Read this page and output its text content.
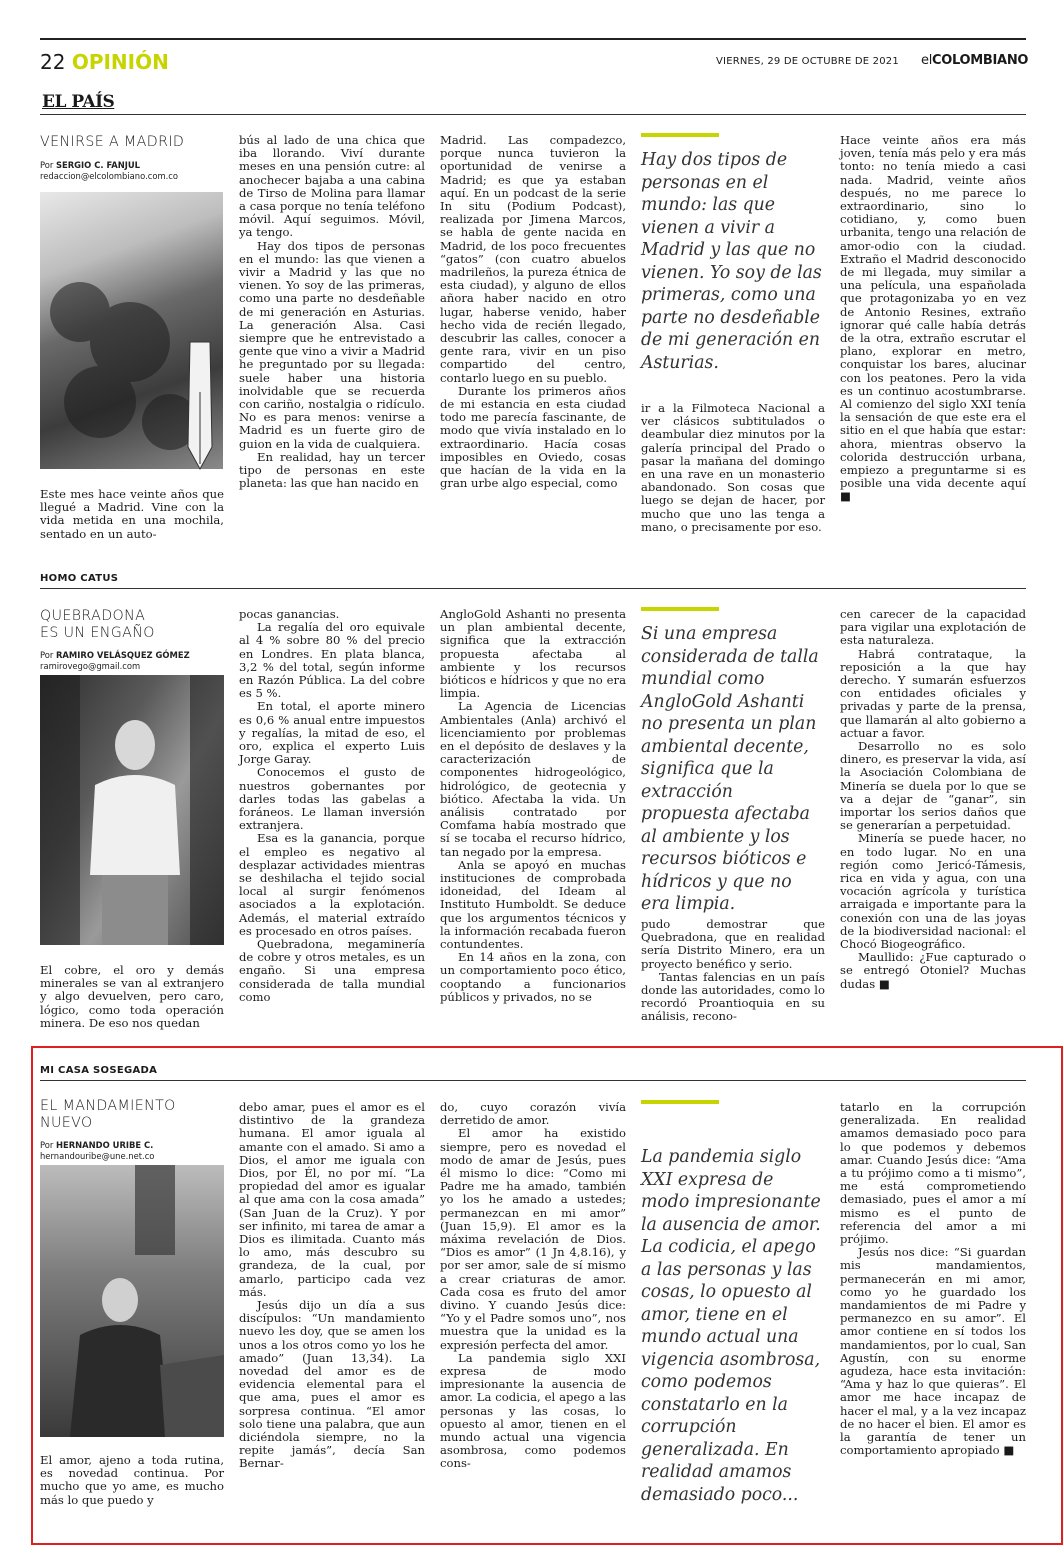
22 OPINIÓN	VIERNES, 29 DE OCTUBRE DE 2021 elCOLOMBIANO
EL PAÍS
VENIRSE A MADRID
Por SERGIO C. FANJUL
redaccion@elcolombiano.com.co

Este mes hace veinte años que llegué a Madrid. Vine con la vida metida en una mochila, sentado en un auto-

bús al lado de una chica que iba llorando. Viví durante meses en una pensión cutre: al anochecer bajaba a una cabina de Tirso de Molina para llamar a casa porque no tenía teléfono móvil. Aquí seguimos. Móvil, ya tengo.

Hay dos tipos de personas en el mundo: las que vienen a vivir a Madrid y las que no vienen. Yo soy de las primeras, como una parte no desdeñable de mi generación en Asturias. La generación Alsa. Casi siempre que he entrevistado a gente que vino a vivir a Madrid he preguntado por su llegada: suele haber una historia inolvidable que se recuerda con cariño, nostalgia o ridículo. No es para menos: venirse a Madrid es un fuerte giro de guion en la vida de cualquiera.

En realidad, hay un tercer tipo de personas en este planeta: las que han nacido en

Madrid. Las compadezco, porque nunca tuvieron la oportunidad de venirse a Madrid; es que ya estaban aquí. En un podcast de la serie In situ (Podium Podcast), realizada por Jimena Marcos, se habla de gente nacida en Madrid, de los poco frecuentes “gatos” (con cuatro abuelos madrileños, la pureza étnica de esta ciudad), y alguno de ellos añora haber nacido en otro lugar, haberse venido, haber hecho vida de recién llegado, descubrir las calles, conocer a gente rara, vivir en un piso compartido del centro, contarlo luego en su pueblo.

Durante los primeros años de mi estancia en esta ciudad todo me parecía fascinante, de modo que vivía instalado en lo extraordinario. Hacía cosas imposibles en Oviedo, cosas que hacían de la vida en la gran urbe algo especial, como

Hay dos tipos de personas en el mundo: las que vienen a vivir a Madrid y las que no vienen. Yo soy de las primeras, como una parte no desdeñable de mi generación en Asturias.

ir a la Filmoteca Nacional a ver clásicos subtitulados o deambular diez minutos por la galería principal del Prado o pasar la mañana del domingo en una rave en un monasterio abandonado. Son cosas que luego se dejan de hacer, por mucho que uno las tenga a mano, o precisamente por eso.

Hace veinte años era más joven, tenía más pelo y era más tonto: no tenía miedo a casi nada. Madrid, veinte años después, no me parece lo extraordinario, sino lo cotidiano, y, como buen urbanita, tengo una relación de amor-odio con la ciudad. Extraño el Madrid desconocido de mi llegada, muy similar a una película, una españolada que protagonizaba yo en vez de Antonio Resines, extraño ignorar qué calle había detrás de la otra, extraño escrutar el plano, explorar en metro, conquistar los bares, alucinar con los peatones. Pero la vida es un continuo acostumbrarse. Al comienzo del siglo XXI tenía la sensación de que este era el sitio en el que había que estar: ahora, mientras observo la colorida destrucción urbana, empiezo a preguntarme si es posible una vida decente aquí ■

HOMO CATUS
QUEBRADONA
ES UN ENGAÑO
Por RAMIRO VELÁSQUEZ GÓMEZ
ramirovego@gmail.com

El cobre, el oro y demás minerales se van al extranjero y algo devuelven, pero caro, lógico, como toda operación minera. De eso nos quedan

pocas ganancias.

La regalía del oro equivale al 4 % sobre 80 % del precio en Londres. En plata blanca, 3,2 % del total, según informe en Razón Pública. La del cobre es 5 %.

En total, el aporte minero es 0,6 % anual entre impuestos y regalías, la mitad de eso, el oro, explica el experto Luis Jorge Garay.

Conocemos el gusto de nuestros gobernantes por darles todas las gabelas a foráneos. Le llaman inversión extranjera.

Esa es la ganancia, porque el empleo es negativo al desplazar actividades mientras se deshilacha el tejido social local al surgir fenómenos asociados a la explotación. Además, el material extraído es procesado en otros países.

Quebradona, megaminería de cobre y otros metales, es un engaño. Si una empresa considerada de talla mundial como

AngloGold Ashanti no presenta un plan ambiental decente, significa que la extracción propuesta afectaba al ambiente y los recursos bióticos e hídricos y que no era limpia.

La Agencia de Licencias Ambientales (Anla) archivó el licenciamiento por problemas en el depósito de deslaves y la caracterización de componentes hidrogeológico, hidrológico, de geotecnia y biótico. Afectaba la vida. Un análisis contratado por Comfama había mostrado que sí se tocaba el recurso hídrico, tan negado por la empresa.

Anla se apoyó en muchas instituciones de comprobada idoneidad, del Ideam al Instituto Humboldt. Se deduce que los argumentos técnicos y la información recabada fueron contundentes.

En 14 años en la zona, con un comportamiento poco ético, cooptando a funcionarios públicos y privados, no se

Si una empresa considerada de talla mundial como AngloGold Ashanti no presenta un plan ambiental decente, significa que la extracción propuesta afectaba al ambiente y los recursos bióticos e hídricos y que no era limpia.

pudo demostrar que Quebradona, que en realidad sería Distrito Minero, era un proyecto benéfico y serio.

Tantas falencias en un país donde las autoridades, como lo recordó Proantioquia en su análisis, recono-

cen carecer de la capacidad para vigilar una explotación de esta naturaleza.

Habrá contrataque, la reposición a la que hay derecho. Y sumarán esfuerzos con entidades oficiales y privadas y parte de la prensa, que llamarán al alto gobierno a actuar a favor.

Desarrollo no es solo dinero, es preservar la vida, así la Asociación Colombiana de Minería se duela por lo que se va a dejar de “ganar”, sin importar los serios daños que se generarían a perpetuidad.

Minería se puede hacer, no en todo lugar. No en una región como Jericó-Támesis, rica en vida y agua, con una vocación agrícola y turística arraigada e importante para la conexión con una de las joyas de la biodiversidad nacional: el Chocó Biogeográfico.

Maullido: ¿Fue capturado o se entregó Otoniel? Muchas dudas ■

MI CASA SOSEGADA
EL MANDAMIENTO
NUEVO
Por HERNANDO URIBE C.
hernandouribe@une.net.co

El amor, ajeno a toda rutina, es novedad continua. Por mucho que yo ame, es mucho más lo que puedo y

debo amar, pues el amor es el distintivo de la grandeza humana. El amor iguala al amante con el amado. Si amo a Dios, el amor me iguala con Dios, por Él, no por mí. “La propiedad del amor es igualar al que ama con la cosa amada” (San Juan de la Cruz). Y por ser infinito, mi tarea de amar a Dios es ilimitada. Cuanto más lo amo, más descubro su grandeza, de la cual, por amarlo, participo cada vez más.

Jesús dijo un día a sus discípulos: “Un mandamiento nuevo les doy, que se amen los unos a los otros como yo los he amado” (Juan 13,34). La novedad del amor es de evidencia elemental para el que ama, pues el amor es sorpresa continua. “El amor solo tiene una palabra, que aun diciéndola siempre, no la repite jamás”, decía San Bernar-

do, cuyo corazón vivía derretido de amor.

El amor ha existido siempre, pero es novedad el modo de amar de Jesús, pues él mismo lo dice: “Como mi Padre me ha amado, también yo los he amado a ustedes; permanezcan en mi amor” (Juan 15,9). El amor es la máxima revelación de Dios. “Dios es amor” (1 Jn 4,8.16), y por ser amor, sale de sí mismo a crear criaturas de amor. Cada cosa es fruto del amor divino. Y cuando Jesús dice: “Yo y el Padre somos uno”, nos muestra que la unidad es la expresión perfecta del amor.

La pandemia siglo XXI expresa de modo impresionante la ausencia de amor. La codicia, el apego a las personas y las cosas, lo opuesto al amor, tienen en el mundo actual una vigencia asombrosa, como podemos cons-

La pandemia siglo XXI expresa de modo impresionante la ausencia de amor. La codicia, el apego a las personas y las cosas, lo opuesto al amor, tiene en el mundo actual una vigencia asombrosa, como podemos constatarlo en la corrupción generalizada. En realidad amamos demasiado poco...

tatarlo en la corrupción generalizada. En realidad amamos demasiado poco para lo que podemos y debemos amar. Cuando Jesús dice: “Ama a tu prójimo como a ti mismo”, me está comprometiendo demasiado, pues el amor a mí mismo es el punto de referencia del amor a mi prójimo.

Jesús nos dice: “Si guardan mis mandamientos, permanecerán en mi amor, como yo he guardado los mandamientos de mi Padre y permanezco en su amor”. El amor contiene en sí todos los mandamientos, por lo cual, San Agustín, con su enorme agudeza, hace esta invitación: “Ama y haz lo que quieras”. El amor me hace incapaz de hacer el mal, y a la vez incapaz de no hacer el bien. El amor es la garantía de tener un comportamiento apropiado ■
